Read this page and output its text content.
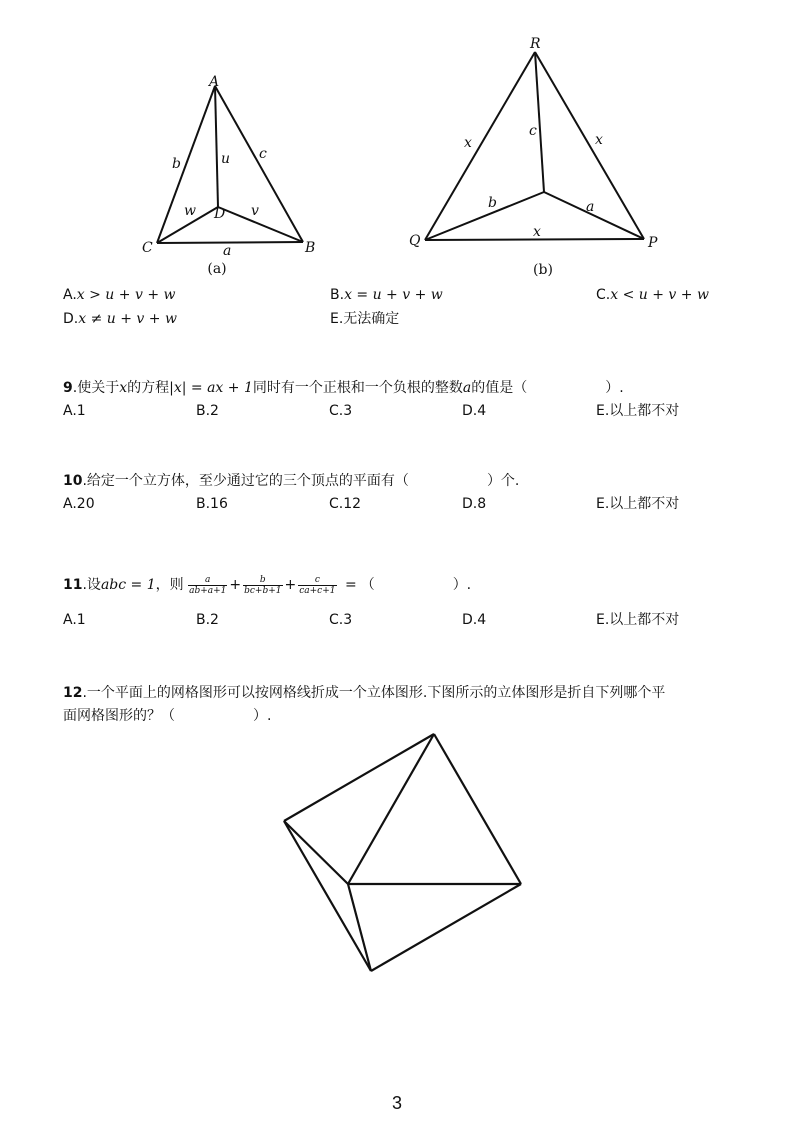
A
C	B
D
b
c
a
u
v
w
(a)
R
Q	P
x	x
x
c
b	a
(b)
A.x > u + v + w	B.x = u + v + w	C.x < u + v + w
D.x ≠ u + v + w	E.无法确定
9.使关于x的方程|x| = ax + 1同时有一个正根和一个负根的整数a的值是（	）.
A.1	B.2	C.3	D.4	E.以上都不对
10.给定一个立方体，至少通过它的三个顶点的平面有（	）个.
A.20	B.16	C.12	D.8	E.以上都不对
11.设abc = 1，则 $\frac{a}{ab+a+1} + \frac{b}{bc+b+1} + \frac{c}{ca+c+1}$ = （	）.
A.1	B.2	C.3	D.4	E.以上都不对
12.一个平面上的网格图形可以按网格线折成一个立体图形.下图所示的立体图形是折自下列哪个平
面网格图形的？（	）.
3
